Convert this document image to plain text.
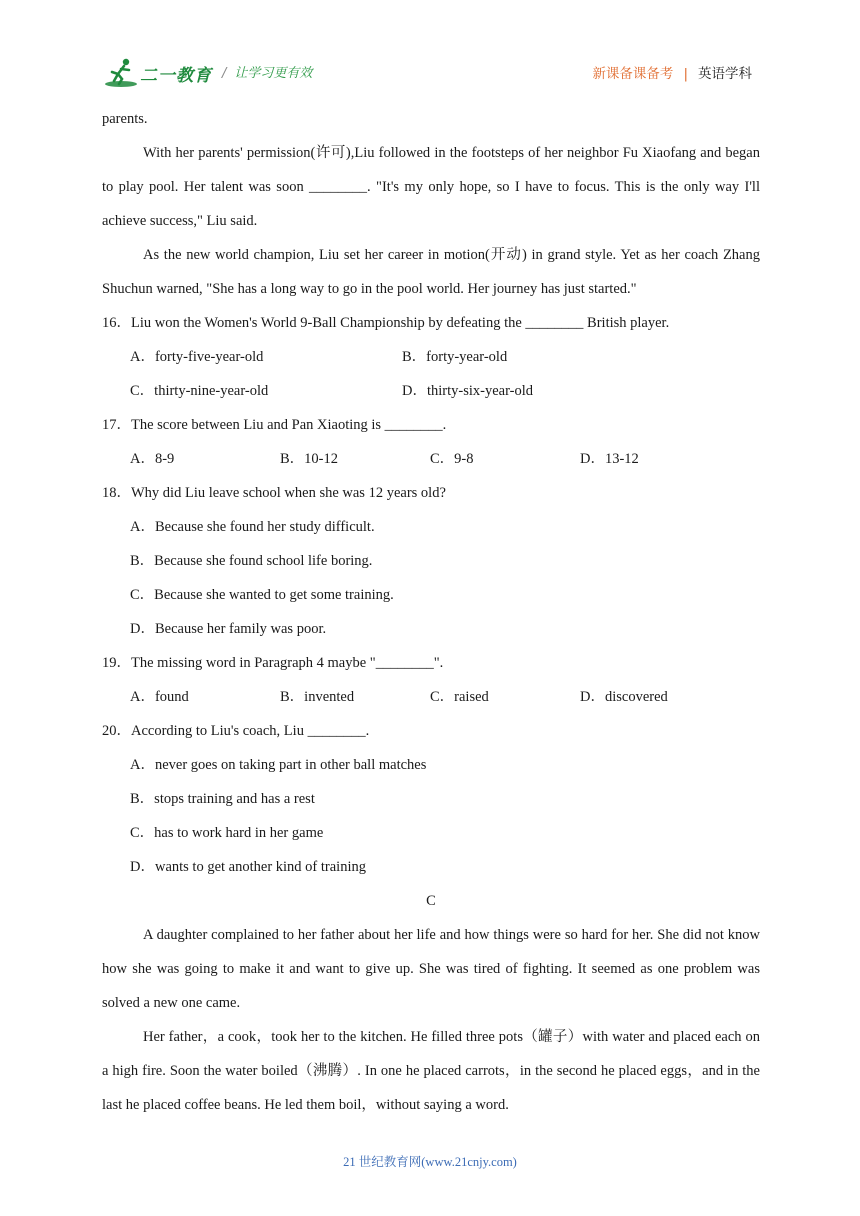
二一教育 / 让学习更有效	新课备课备考 | 英语学科

parents.

With her parents' permission(许可),Liu followed in the footsteps of her neighbor Fu Xiaofang and began to play pool. Her talent was soon ________. "It's my only hope, so I have to focus. This is the only way I'll achieve success," Liu said.

As the new world champion, Liu set her career in motion(开动) in grand style. Yet as her coach Zhang Shuchun warned, "She has a long way to go in the pool world. Her journey has just started."

16．Liu won the Women's World 9-Ball Championship by defeating the ________ British player.

A．forty-five-year-old	B．forty-year-old
C．thirty-nine-year-old	D．thirty-six-year-old

17．The score between Liu and Pan Xiaoting is ________.

A．8-9	B．10-12	C．9-8	D．13-12

18．Why did Liu leave school when she was 12 years old?

A．Because she found her study difficult.
B．Because she found school life boring.
C．Because she wanted to get some training.
D．Because her family was poor.

19．The missing word in Paragraph 4 maybe "________".

A．found	B．invented	C．raised	D．discovered

20．According to Liu's coach, Liu ________.

A．never goes on taking part in other ball matches
B．stops training and has a rest
C．has to work hard in her game
D．wants to get another kind of training

C

A daughter complained to her father about her life and how things were so hard for her. She did not know how she was going to make it and want to give up. She was tired of fighting. It seemed as one problem was solved a new one came.

Her father，a cook，took her to the kitchen. He filled three pots（罐子）with water and placed each on a high fire. Soon the water boiled（沸腾）. In one he placed carrots，in the second he placed eggs，and in the last he placed coffee beans. He led them boil，without saying a word.

21 世纪教育网(www.21cnjy.com)
